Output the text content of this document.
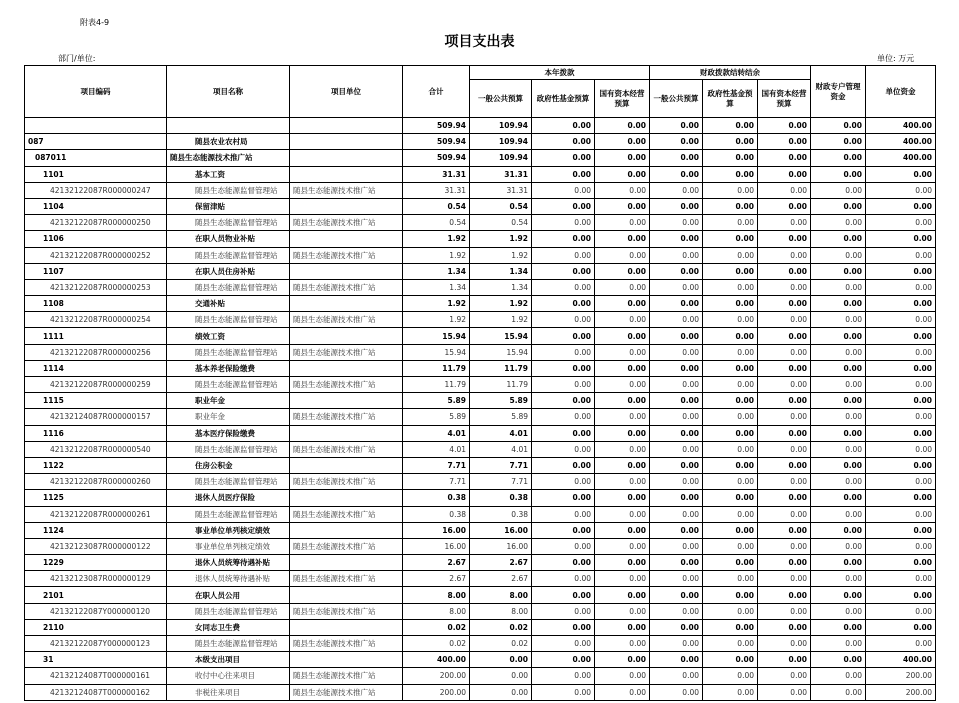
附表4-9
项目支出表
部门/单位:	单位: 万元
项目编码	项目名称	项目单位	合计	本年拨款			财政拨款结转结余			财政专户管理资金	单位资金
				一般公共预算	政府性基金预算	国有资本经营预算	一般公共预算	政府性基金预算	国有资本经营预算		
			509.94	109.94	0.00	0.00	0.00	0.00	0.00	0.00	400.00
087	随县农业农村局		509.94	109.94	0.00	0.00	0.00	0.00	0.00	0.00	400.00
087011	随县生态能源技术推广站		509.94	109.94	0.00	0.00	0.00	0.00	0.00	0.00	400.00
1101	基本工资		31.31	31.31	0.00	0.00	0.00	0.00	0.00	0.00	0.00
42132122087R000000247	随县生态能源监督管理站	随县生态能源技术推广站	31.31	31.31	0.00	0.00	0.00	0.00	0.00	0.00	0.00
1104	保留津贴		0.54	0.54	0.00	0.00	0.00	0.00	0.00	0.00	0.00
42132122087R000000250	随县生态能源监督管理站	随县生态能源技术推广站	0.54	0.54	0.00	0.00	0.00	0.00	0.00	0.00	0.00
1106	在职人员物业补贴		1.92	1.92	0.00	0.00	0.00	0.00	0.00	0.00	0.00
42132122087R000000252	随县生态能源监督管理站	随县生态能源技术推广站	1.92	1.92	0.00	0.00	0.00	0.00	0.00	0.00	0.00
1107	在职人员住房补贴		1.34	1.34	0.00	0.00	0.00	0.00	0.00	0.00	0.00
42132122087R000000253	随县生态能源监督管理站	随县生态能源技术推广站	1.34	1.34	0.00	0.00	0.00	0.00	0.00	0.00	0.00
1108	交通补贴		1.92	1.92	0.00	0.00	0.00	0.00	0.00	0.00	0.00
42132122087R000000254	随县生态能源监督管理站	随县生态能源技术推广站	1.92	1.92	0.00	0.00	0.00	0.00	0.00	0.00	0.00
1111	绩效工资		15.94	15.94	0.00	0.00	0.00	0.00	0.00	0.00	0.00
42132122087R000000256	随县生态能源监督管理站	随县生态能源技术推广站	15.94	15.94	0.00	0.00	0.00	0.00	0.00	0.00	0.00
1114	基本养老保险缴费		11.79	11.79	0.00	0.00	0.00	0.00	0.00	0.00	0.00
42132122087R000000259	随县生态能源监督管理站	随县生态能源技术推广站	11.79	11.79	0.00	0.00	0.00	0.00	0.00	0.00	0.00
1115	职业年金		5.89	5.89	0.00	0.00	0.00	0.00	0.00	0.00	0.00
42132124087R000000157	职业年金	随县生态能源技术推广站	5.89	5.89	0.00	0.00	0.00	0.00	0.00	0.00	0.00
1116	基本医疗保险缴费		4.01	4.01	0.00	0.00	0.00	0.00	0.00	0.00	0.00
42132122087R000000540	随县生态能源监督管理站	随县生态能源技术推广站	4.01	4.01	0.00	0.00	0.00	0.00	0.00	0.00	0.00
1122	住房公积金		7.71	7.71	0.00	0.00	0.00	0.00	0.00	0.00	0.00
42132122087R000000260	随县生态能源监督管理站	随县生态能源技术推广站	7.71	7.71	0.00	0.00	0.00	0.00	0.00	0.00	0.00
1125	退休人员医疗保险		0.38	0.38	0.00	0.00	0.00	0.00	0.00	0.00	0.00
42132122087R000000261	随县生态能源监督管理站	随县生态能源技术推广站	0.38	0.38	0.00	0.00	0.00	0.00	0.00	0.00	0.00
1124	事业单位单列核定绩效		16.00	16.00	0.00	0.00	0.00	0.00	0.00	0.00	0.00
42132123087R000000122	事业单位单列核定绩效	随县生态能源技术推广站	16.00	16.00	0.00	0.00	0.00	0.00	0.00	0.00	0.00
1229	退休人员统筹待遇补贴		2.67	2.67	0.00	0.00	0.00	0.00	0.00	0.00	0.00
42132123087R000000129	退休人员统筹待遇补贴	随县生态能源技术推广站	2.67	2.67	0.00	0.00	0.00	0.00	0.00	0.00	0.00
2101	在职人员公用		8.00	8.00	0.00	0.00	0.00	0.00	0.00	0.00	0.00
42132122087Y000000120	随县生态能源监督管理站	随县生态能源技术推广站	8.00	8.00	0.00	0.00	0.00	0.00	0.00	0.00	0.00
2110	女同志卫生费		0.02	0.02	0.00	0.00	0.00	0.00	0.00	0.00	0.00
42132122087Y000000123	随县生态能源监督管理站	随县生态能源技术推广站	0.02	0.02	0.00	0.00	0.00	0.00	0.00	0.00	0.00
31	本级支出项目		400.00	0.00	0.00	0.00	0.00	0.00	0.00	0.00	400.00
42132124087T000000161	收付中心往来项目	随县生态能源技术推广站	200.00	0.00	0.00	0.00	0.00	0.00	0.00	0.00	200.00
42132124087T000000162	非税往来项目	随县生态能源技术推广站	200.00	0.00	0.00	0.00	0.00	0.00	0.00	0.00	200.00
